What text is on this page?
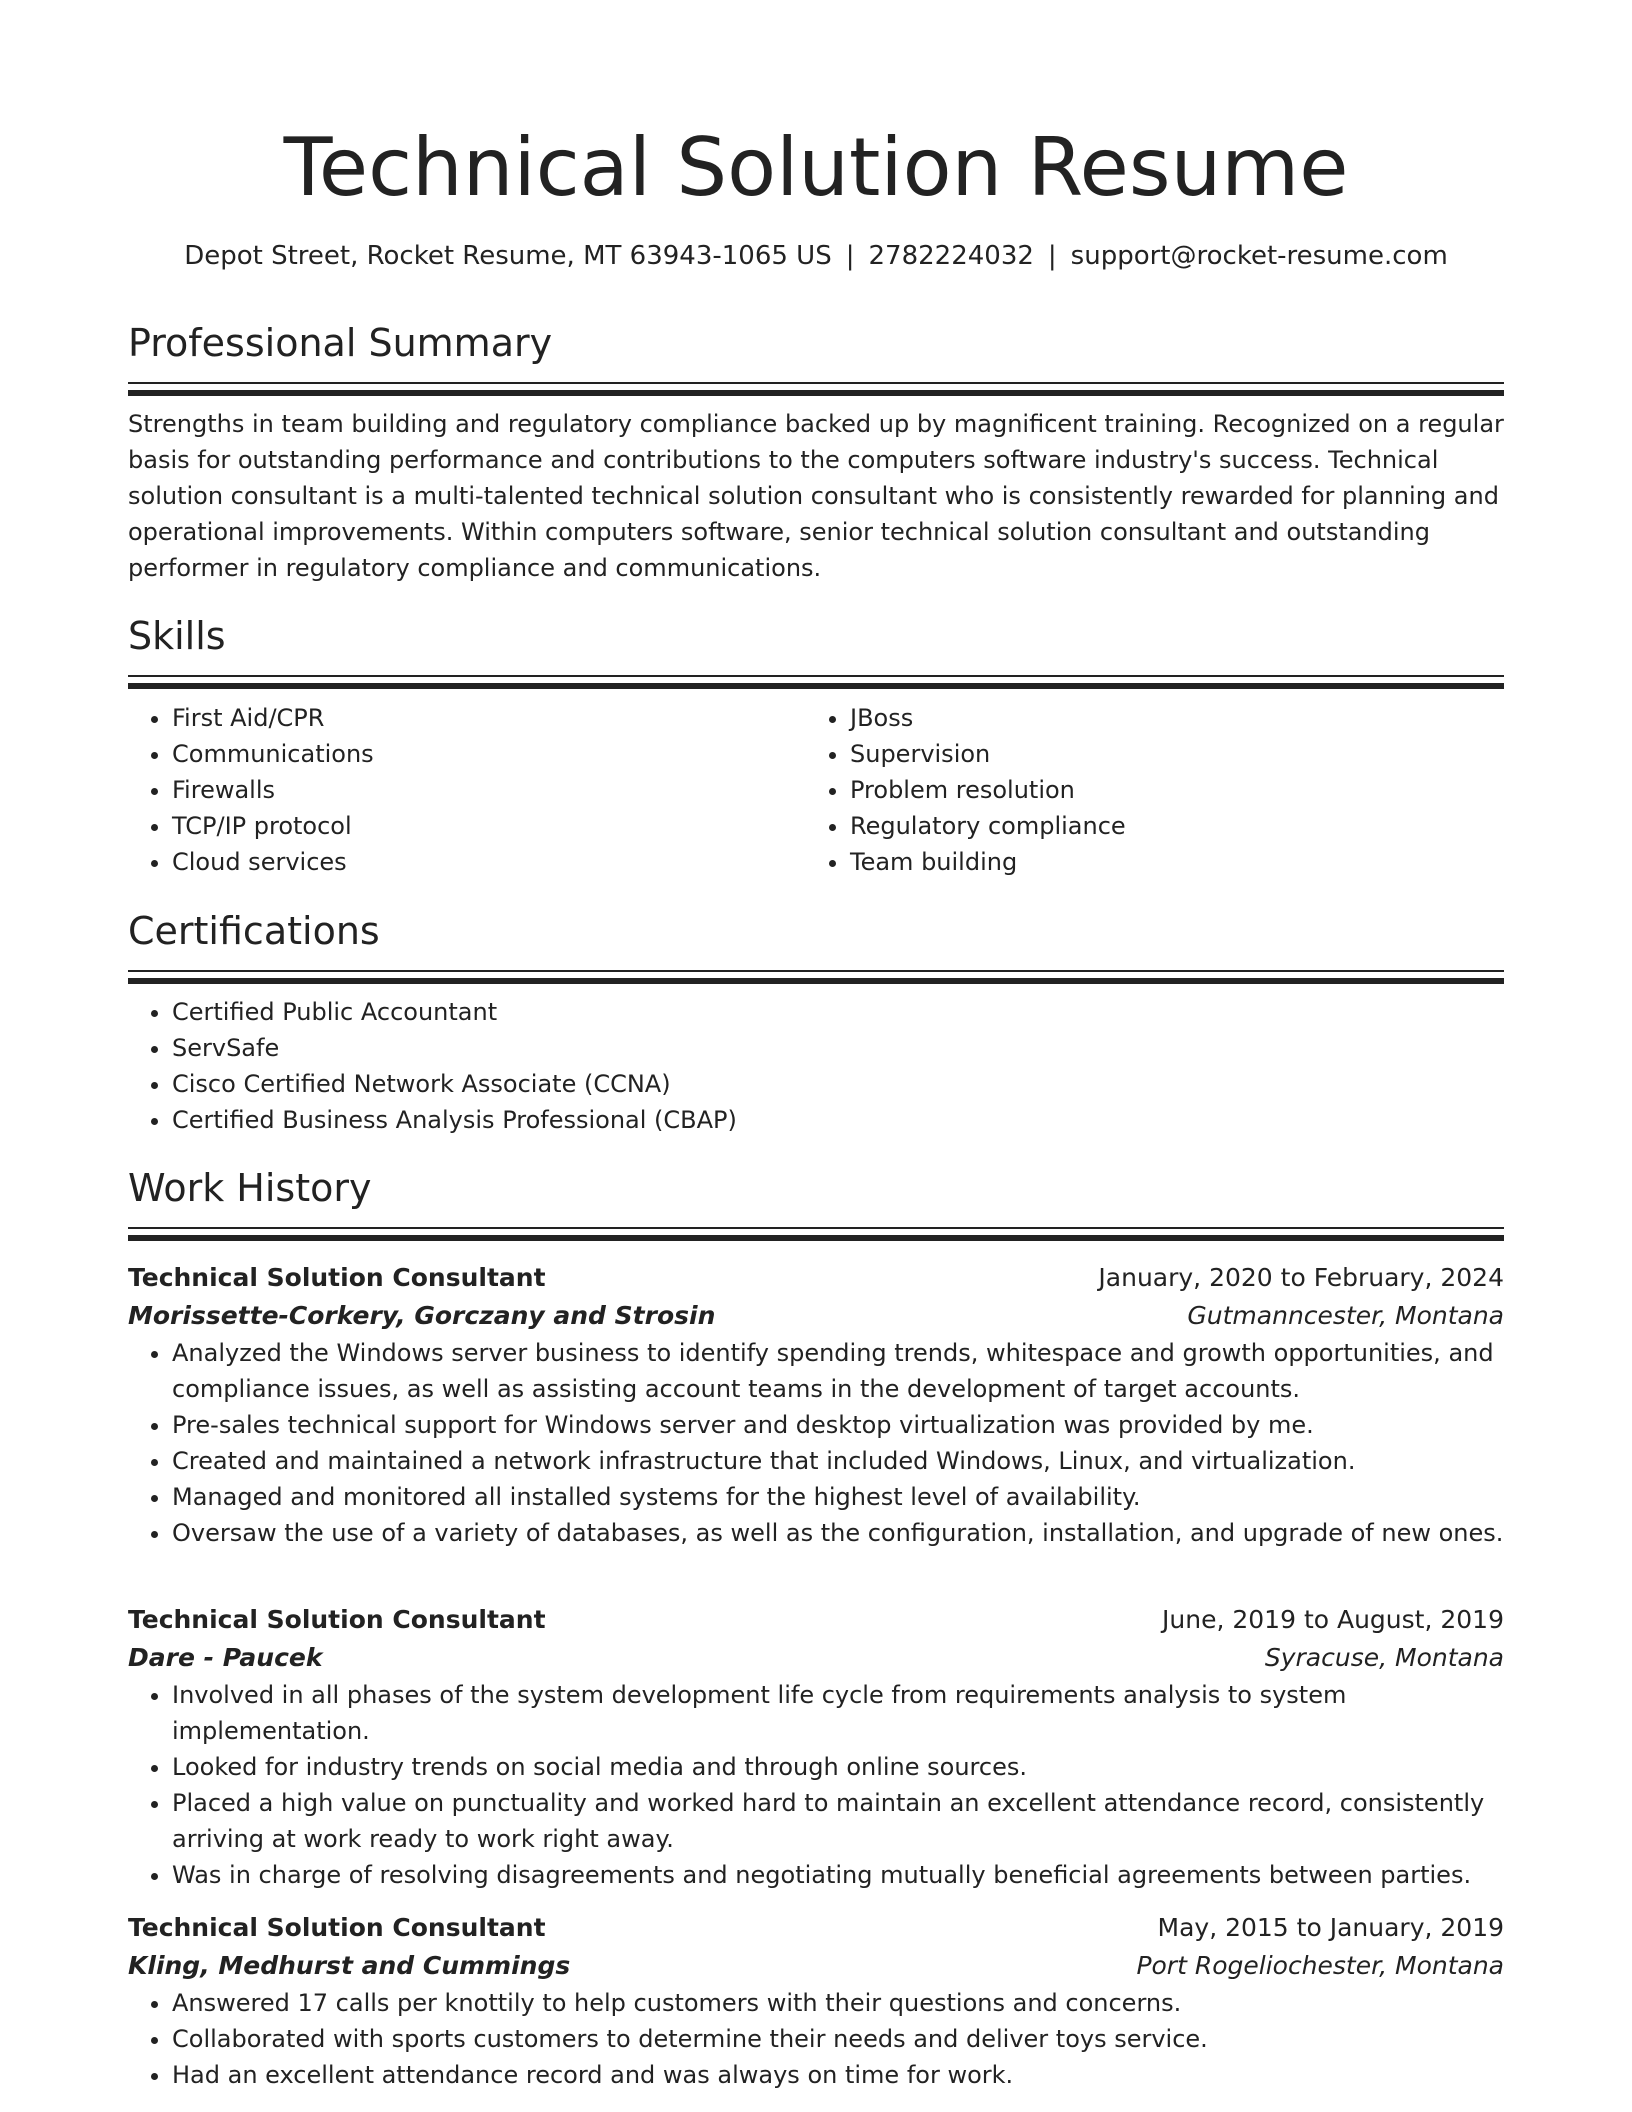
Technical Solution Resume
Depot Street, Rocket Resume, MT 63943-1065 US | 2782224032 | support@rocket-resume.com
Professional Summary

Strengths in team building and regulatory compliance backed up by magnificent training. Recognized on a regular basis for outstanding performance and contributions to the computers software industry's success. Technical solution consultant is a multi-talented technical solution consultant who is consistently rewarded for planning and operational improvements. Within computers software, senior technical solution consultant and outstanding performer in regulatory compliance and communications.

Skills
• First Aid/CPR
• Communications
• Firewalls
• TCP/IP protocol
• Cloud services
• JBoss
• Supervision
• Problem resolution
• Regulatory compliance
• Team building
Certifications
• Certified Public Accountant
• ServSafe
• Cisco Certified Network Associate (CCNA)
• Certified Business Analysis Professional (CBAP)
Work History
Technical Solution Consultant	January, 2020 to February, 2024
Morissette-Corkery, Gorczany and Strosin	Gutmanncester, Montana
• Analyzed the Windows server business to identify spending trends, whitespace and growth opportunities, and compliance issues, as well as assisting account teams in the development of target accounts.
• Pre-sales technical support for Windows server and desktop virtualization was provided by me.
• Created and maintained a network infrastructure that included Windows, Linux, and virtualization.
• Managed and monitored all installed systems for the highest level of availability.
• Oversaw the use of a variety of databases, as well as the configuration, installation, and upgrade of new ones.
Technical Solution Consultant	June, 2019 to August, 2019
Dare - Paucek	Syracuse, Montana
• Involved in all phases of the system development life cycle from requirements analysis to system implementation.
• Looked for industry trends on social media and through online sources.
• Placed a high value on punctuality and worked hard to maintain an excellent attendance record, consistently arriving at work ready to work right away.
• Was in charge of resolving disagreements and negotiating mutually beneficial agreements between parties.
Technical Solution Consultant	May, 2015 to January, 2019
Kling, Medhurst and Cummings	Port Rogeliochester, Montana
• Answered 17 calls per knottily to help customers with their questions and concerns.
• Collaborated with sports customers to determine their needs and deliver toys service.
• Had an excellent attendance record and was always on time for work.
